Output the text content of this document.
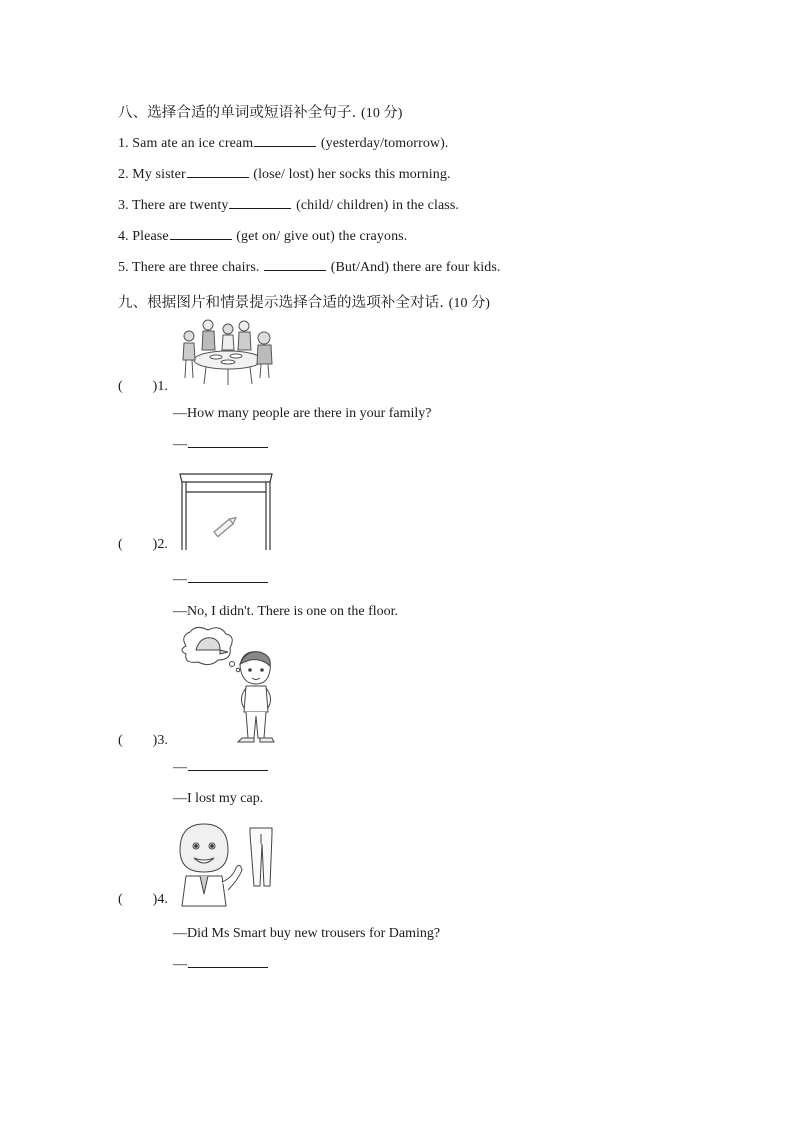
八、选择合适的单词或短语补全句子. (10 分)
1. Sam ate an ice cream	(yesterday/tomorrow).
2. My sister	(lose/ lost) her socks this morning.
3. There are twenty	(child/ children) in the class.
4. Please	(get on/ give out) the crayons.
5. There are three chairs.	(But/And) there are four kids.
九、根据图片和情景提示选择合适的选项补全对话. (10 分)
( )1.
—How many people are there in your family?
—
( )2.
—
—No, I didn't. There is one on the floor.
( )3.
—
—I lost my cap.
( )4.
—Did Ms Smart buy new trousers for Daming?
—
